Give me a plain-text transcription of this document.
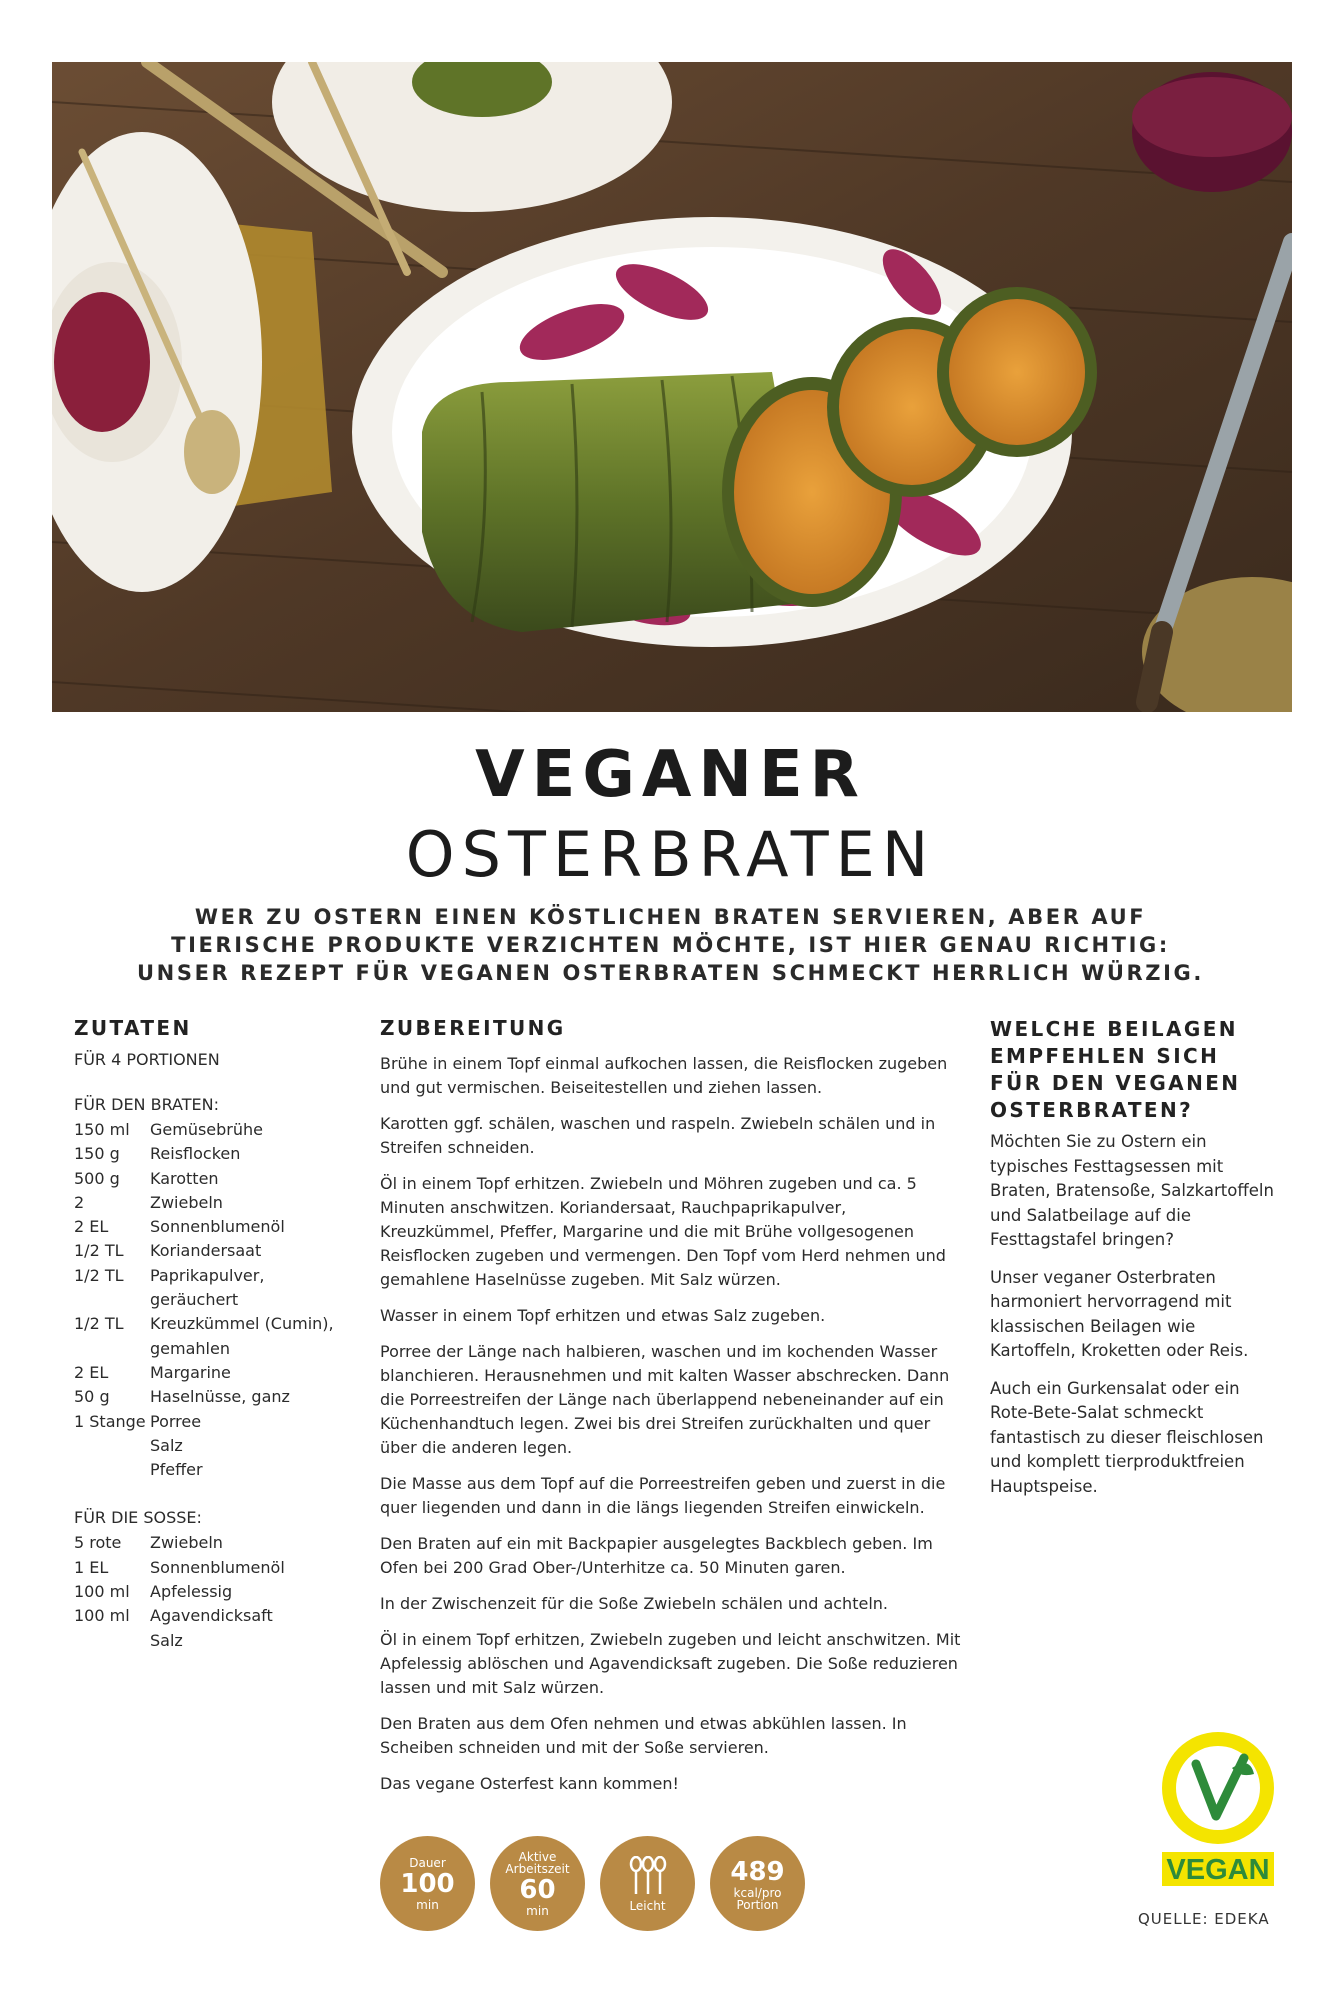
VEGANER
OSTERBRATEN
WER ZU OSTERN EINEN KÖSTLICHEN BRATEN SERVIEREN, ABER AUF
TIERISCHE PRODUKTE VERZICHTEN MÖCHTE, IST HIER GENAU RICHTIG:
UNSER REZEPT FÜR VEGANEN OSTERBRATEN SCHMECKT HERRLICH WÜRZIG.
ZUTATEN
FÜR 4 PORTIONEN
FÜR DEN BRATEN:
150 ml	Gemüsebrühe
150 g	Reisflocken
500 g	Karotten
2	Zwiebeln
2 EL	Sonnenblumenöl
1/2 TL	Koriandersaat
1/2 TL	Paprikapulver,
geräuchert
1/2 TL	Kreuzkümmel (Cumin),
gemahlen
2 EL	Margarine
50 g	Haselnüsse, ganz
1 Stange Porree
Salz
Pfeffer
FÜR DIE SOSSE:
5 rote	Zwiebeln
1 EL	Sonnenblumenöl
100 ml	Apfelessig
100 ml	Agavendicksaft
Salz
ZUBEREITUNG

Brühe in einem Topf einmal aufkochen lassen, die Reisflocken zugeben und gut vermischen. Beiseitestellen und ziehen lassen.

Karotten ggf. schälen, waschen und raspeln. Zwiebeln schälen und in Streifen schneiden.

Öl in einem Topf erhitzen. Zwiebeln und Möhren zugeben und ca. 5 Minuten anschwitzen. Koriandersaat, Rauchpaprikapulver, Kreuzkümmel, Pfeffer, Margarine und die mit Brühe vollgesogenen Reisflocken zugeben und vermengen. Den Topf vom Herd nehmen und gemahlene Haselnüsse zugeben. Mit Salz würzen.

Wasser in einem Topf erhitzen und etwas Salz zugeben.

Porree der Länge nach halbieren, waschen und im kochenden Wasser blanchieren. Herausnehmen und mit kalten Wasser abschrecken. Dann die Porreestreifen der Länge nach überlappend nebeneinander auf ein Küchenhandtuch legen. Zwei bis drei Streifen zurückhalten und quer über die anderen legen.

Die Masse aus dem Topf auf die Porreestreifen geben und zuerst in die quer liegenden und dann in die längs liegenden Streifen einwickeln.

Den Braten auf ein mit Backpapier ausgelegtes Backblech geben. Im Ofen bei 200 Grad Ober-/Unterhitze ca. 50 Minuten garen.

In der Zwischenzeit für die Soße Zwiebeln schälen und achteln.

Öl in einem Topf erhitzen, Zwiebeln zugeben und leicht anschwitzen. Mit Apfelessig ablöschen und Agavendicksaft zugeben. Die Soße reduzieren lassen und mit Salz würzen.

Den Braten aus dem Ofen nehmen und etwas abkühlen lassen. In Scheiben schneiden und mit der Soße servieren.

Das vegane Osterfest kann kommen!

WELCHE BEILAGEN EMPFEHLEN SICH FÜR DEN VEGANEN OSTERBRATEN?

Möchten Sie zu Ostern ein typisches Festtagsessen mit Braten, Bratensoße, Salzkartoffeln und Salatbeilage auf die Festtagstafel bringen?

Unser veganer Osterbraten harmoniert hervorragend mit klassischen Beilagen wie Kartoffeln, Kroketten oder Reis.

Auch ein Gurkensalat oder ein Rote-Bete-Salat schmeckt fantastisch zu dieser fleischlosen und komplett tierproduktfreien Hauptspeise.

Dauer
100
min
Aktive Arbeitszeit
60
min	Leicht
489
kcal/pro Portion
VEGAN
QUELLE: EDEKA
